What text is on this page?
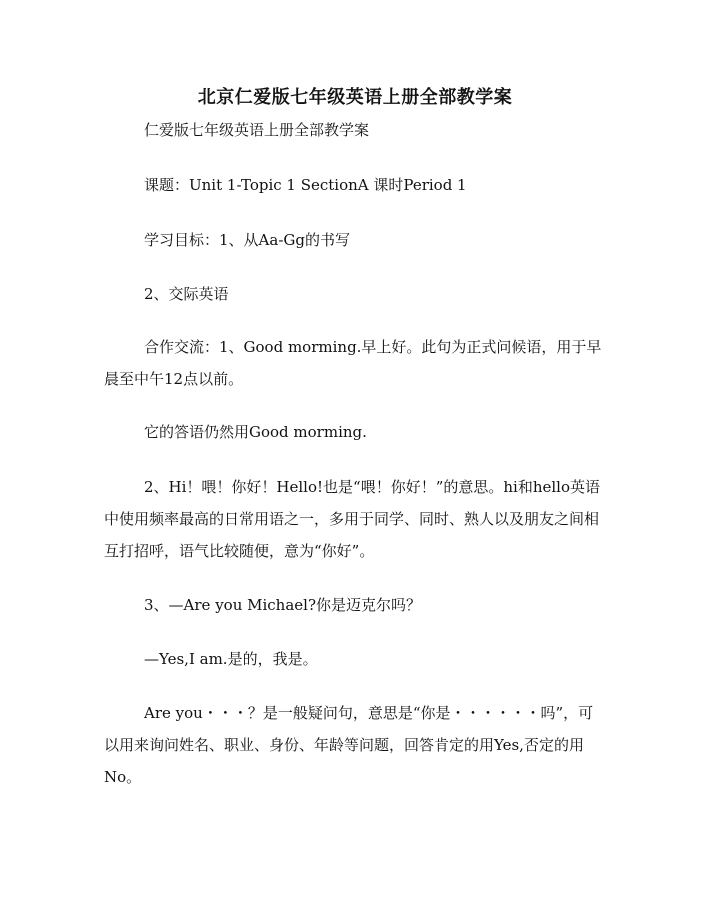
北京仁爱版七年级英语上册全部教学案
仁爱版七年级英语上册全部教学案
课题：Unit 1-Topic 1 SectionA 课时Period 1
学习目标：1、从Aa-Gg的书写
2、交际英语
合作交流：1、Good morming.早上好。此句为正式问候语，用于早晨至中午12点以前。
它的答语仍然用Good morming.
2、Hi！喂！你好！Hello!也是“喂！你好！”的意思。hi和hello英语中使用频率最高的日常用语之一，多用于同学、同时、熟人以及朋友之间相互打招呼，语气比较随便，意为“你好”。
3、—Are you Michael?你是迈克尔吗？
—Yes,I am.是的，我是。
Are you・・・？是一般疑问句，意思是“你是・・・・・・吗”，可以用来询问姓名、职业、身份、年龄等问题，回答肯定的用Yes,否定的用No。
